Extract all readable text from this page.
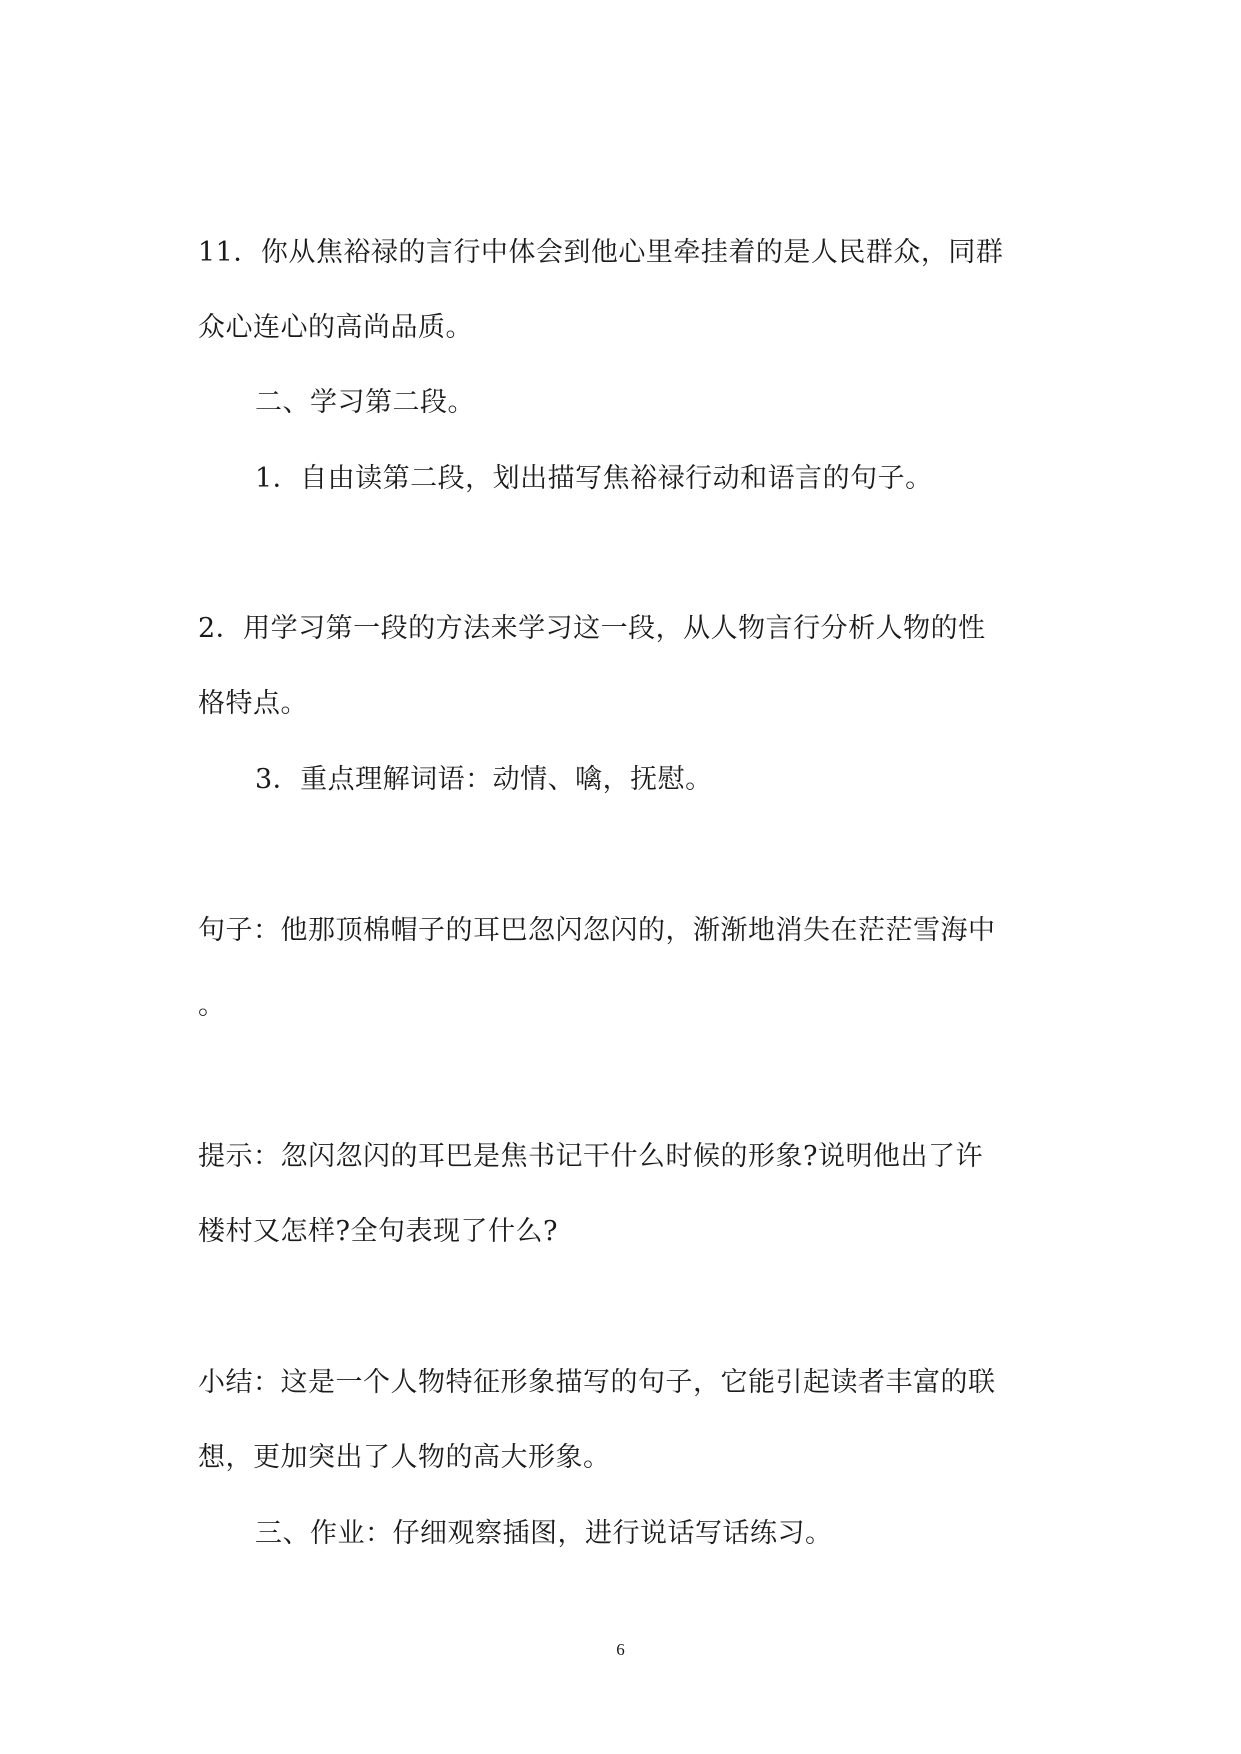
11．你从焦裕禄的言行中体会到他心里牵挂着的是人民群众，同群
众心连心的高尚品质。
二、学习第二段。
1．自由读第二段，划出描写焦裕禄行动和语言的句子。
2．用学习第一段的方法来学习这一段，从人物言行分析人物的性
格特点。
3．重点理解词语：动情、噙，抚慰。
句子：他那顶棉帽子的耳巴忽闪忽闪的，渐渐地消失在茫茫雪海中
。
提示：忽闪忽闪的耳巴是焦书记干什么时候的形象?说明他出了许
楼村又怎样?全句表现了什么?
小结：这是一个人物特征形象描写的句子，它能引起读者丰富的联
想，更加突出了人物的高大形象。
三、作业：仔细观察插图，进行说话写话练习。
6
